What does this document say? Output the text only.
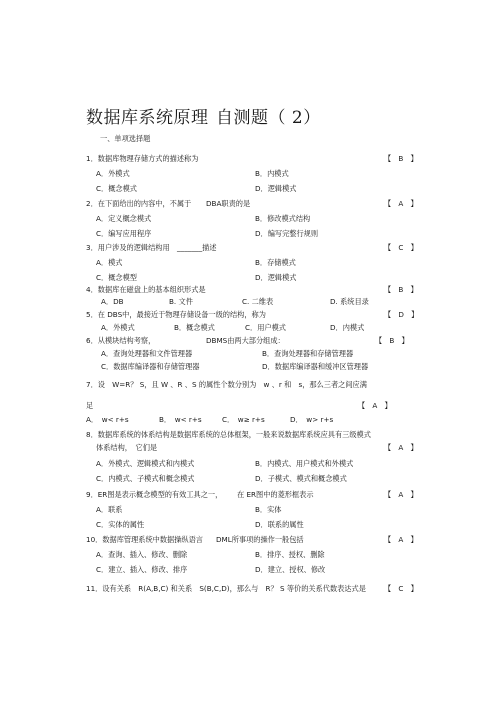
数据库系统原理 自测题（ 2）
一、单项选择题
1．数据库物理存储方式的描述称为	【　B　】
A．外模式	B．内模式
C．概念模式	D．逻辑模式
2．在下面给出的内容中，不属于 DBA职责的是	【　A　】
A．定义概念模式	B．修改模式结构
C．编写应用程序	D．编写完整行规则
3．用户涉及的逻辑结构用 _______描述	【　C　】
A．模式	B．存储模式
C．概念模型	D．逻辑模式
4．数据库在磁盘上的基本组织形式是	【　B　】
A．DB	B. 文件	C. 二维表	D. 系统目录
5．在 DBS中，最接近于物理存储设备一级的结构，称为	【　D　】
A．外模式	B．概念模式	C．用户模式	D．内模式
6．从模块结构考察，	DBMS由两大部分组成：	【　B　】
A．查询处理器和文件管理器	B．查询处理器和存储管理器
C．数据库编译器和存储管理器	D．数据库编译器和缓冲区管理器
7．设　W=R？ S，且 W 、R 、S 的属性个数分别为　w 、r 和　s，那么三者之间应满
足	【　A　】
A．　w< r+s	B．　w< r+s	C．　w≥ r+s	D．　w> r+s
8．数据库系统的体系结构是数据库系统的总体框架，一般来说数据库系统应具有三级模式
体系结构，　它们是	【　A　】
A．外模式、逻辑模式和内模式	B．内模式、用户模式和外模式
C．内模式、子模式和概念模式	D．子模式、模式和概念模式
9．ER图是表示概念模型的有效工具之一， 在 ER图中的菱形框表示	【　A　】
A．联系	B．实体
C．实体的属性	D．联系的属性
10．数据库管理系统中数据操纵语言 DML所事项的操作一般包括	【　A　】
A．查询、插入、修改、删除	B．排序、授权、删除
C．建立、插入、修改、排序	D．建立、授权、修改
11．设有关系　R(A,B,C) 和关系　S(B,C,D)，那么与　R？ S 等价的关系代数表达式是	【　C　】
